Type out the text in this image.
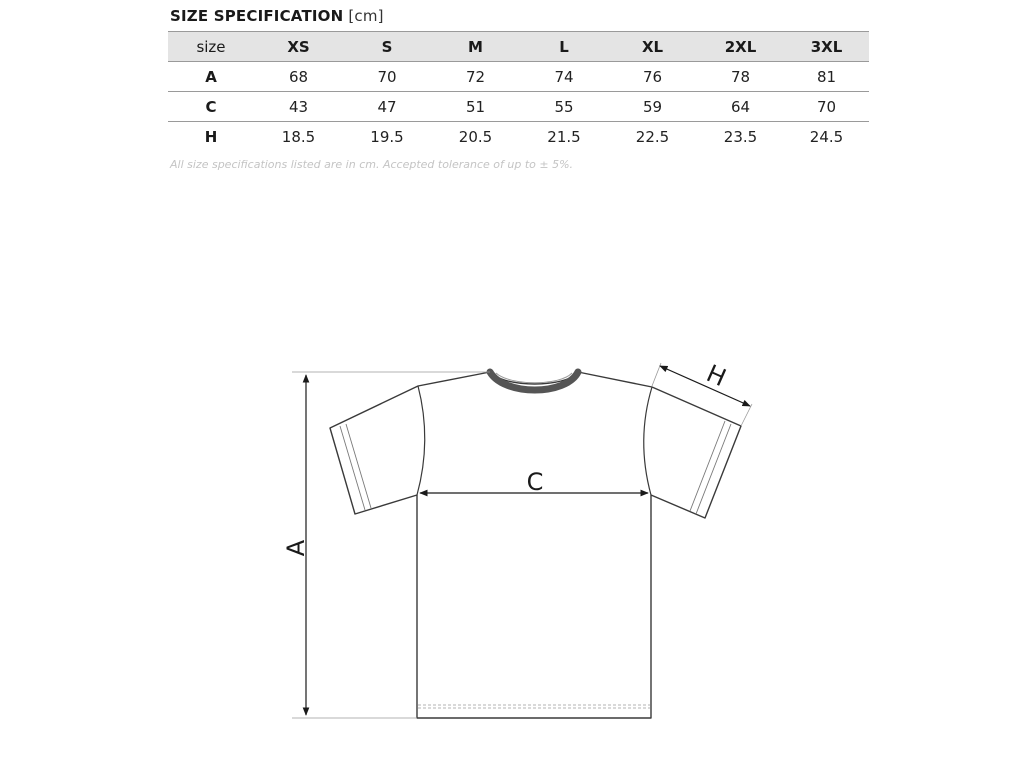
SIZE SPECIFICATION [cm]
size	XS	S	M	L	XL	2XL	3XL
A	68	70	72	74	76	78	81
C	43	47	51	55	59	64	70
H	18.5	19.5	20.5	21.5	22.5	23.5	24.5
All size specifications listed are in cm. Accepted tolerance of up to ± 5%.
A
C
H
